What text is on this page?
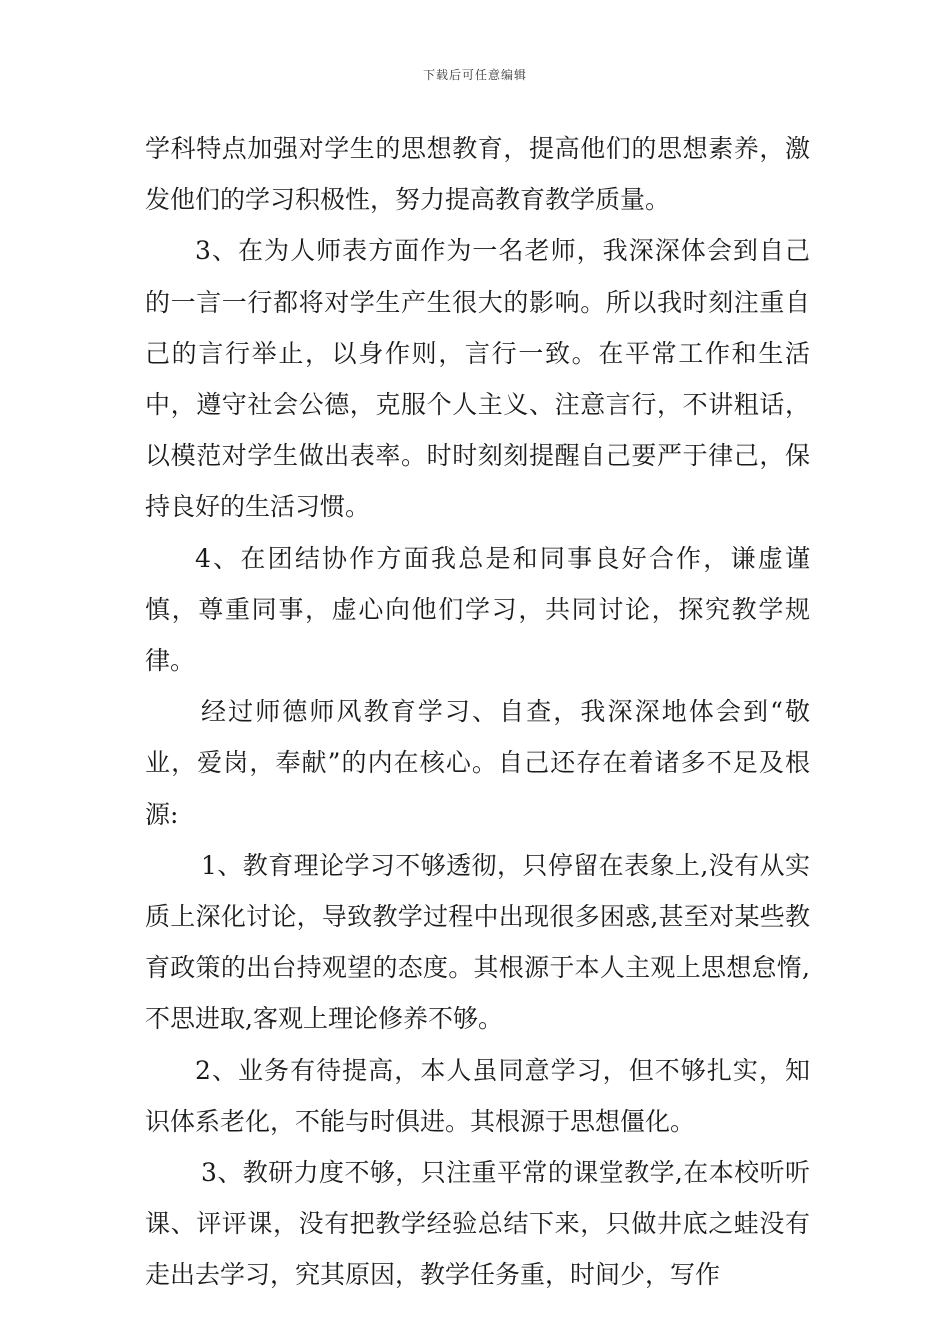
下载后可任意编辑

学科特点加强对学生的思想教育，提高他们的思想素养，激发他们的学习积极性，努力提高教育教学质量。

3、在为人师表方面作为一名老师，我深深体会到自己的一言一行都将对学生产生很大的影响。所以我时刻注重自己的言行举止，以身作则，言行一致。在平常工作和生活中，遵守社会公德，克服个人主义、注意言行，不讲粗话，以模范对学生做出表率。时时刻刻提醒自己要严于律己，保持良好的生活习惯。

4、在团结协作方面我总是和同事良好合作，谦虚谨慎，尊重同事，虚心向他们学习，共同讨论，探究教学规律。

经过师德师风教育学习、自查，我深深地体会到“敬业，爱岗，奉献”的内在核心。自己还存在着诸多不足及根源:

1、教育理论学习不够透彻，只停留在表象上,没有从实质上深化讨论，导致教学过程中出现很多困惑,甚至对某些教育政策的出台持观望的态度。其根源于本人主观上思想怠惰,不思进取,客观上理论修养不够。

2、业务有待提高，本人虽同意学习，但不够扎实，知识体系老化，不能与时俱进。其根源于思想僵化。

3、教研力度不够，只注重平常的课堂教学,在本校听听课、评评课，没有把教学经验总结下来，只做井底之蛙没有走出去学习，究其原因，教学任务重，时间少，写作
